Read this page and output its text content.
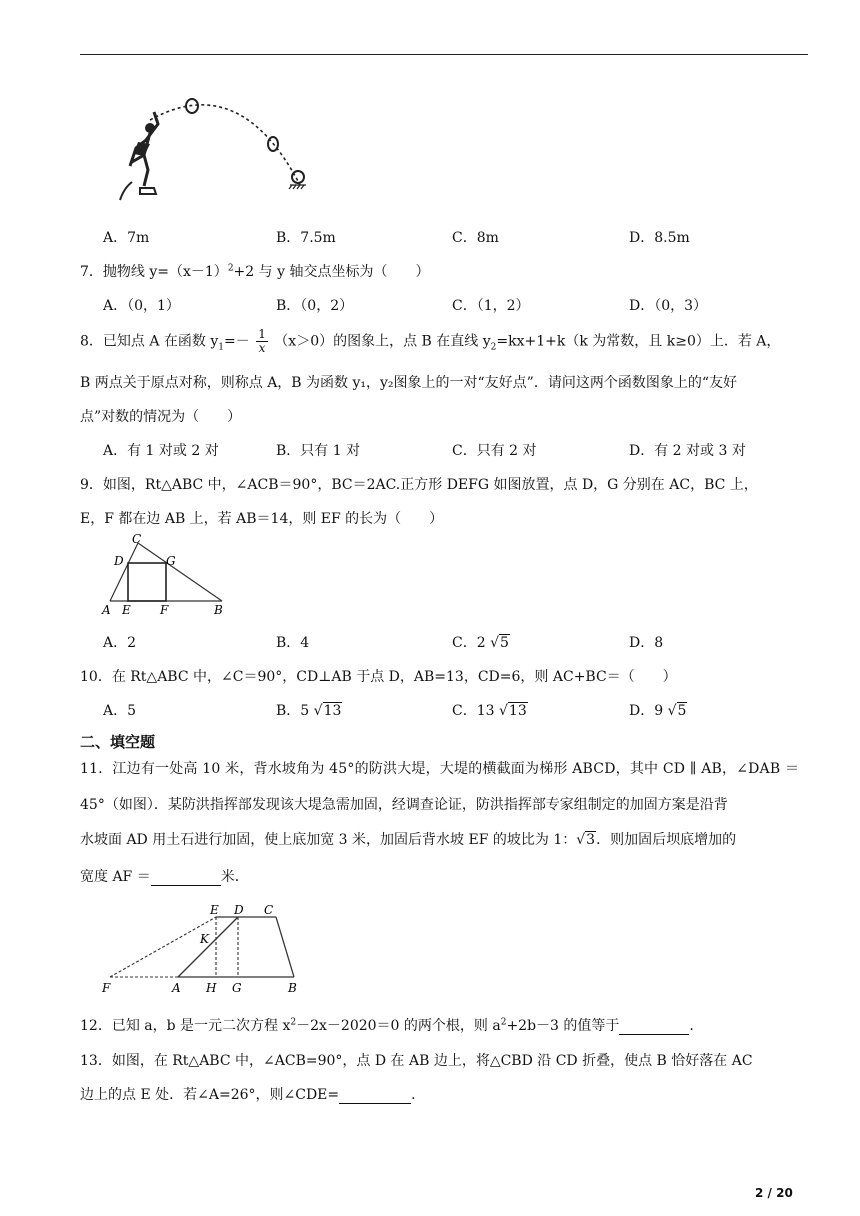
A．7m	B．7.5m	C．8m	D．8.5m
7．抛物线 $y=(x-1)^2+2$ 与 y 轴交点坐标为（　　）
A．（0，1）	B．（0，2）	C．（1，2）	D．（0，3）
8．已知点 A 在函数 $y_1=- \frac{1}{x} (x>0)$的图象上，点 B 在直线 $y_2=kx+1+k(k$ 为常数，且 k≥0）上．若 A，
B 两点关于原点对称，则称点 A，B 为函数 y₁，y₂图象上的一对“友好点”．请问这两个函数图象上的“友好
点”对数的情况为（　　）
A．有 1 对或 2 对	B．只有 1 对	C．只有 2 对	D．有 2 对或 3 对
9．如图，Rt△ABC 中，∠ACB＝90°，BC＝2AC.正方形 DEFG 如图放置，点 D，G 分别在 AC，BC 上，
E，F 都在边 AB 上，若 AB＝14，则 EF 的长为（　　）
C
D	G
A E F	B
A．2	B．4	C．2 √5	D．8
10．在 Rt△ABC 中，∠C＝90°，CD⊥AB 于点 D，AB=13，CD=6，则 AC+BC＝（　　）
A．5	B．5 √13	C．13 √13	D．9 √5
二、填空题
11．江边有一处高 10 米，背水坡角为 45°的防洪大堤，大堤的横截面为梯形 ABCD，其中 CD ∥ AB，∠DAB ＝
45°（如图）．某防洪指挥部发现该大堤急需加固，经调查论证，防洪指挥部专家组制定的加固方案是沿背
水坡面 AD 用土石进行加固，使上底加宽 3 米，加固后背水坡 EF 的坡比为 1：√3．则加固后坝底增加的
宽度 AF ＝	米．
E D C
K
F	A H G	B
12．已知 a，b 是一元二次方程 $x^2-2x-2020=0$ 的两个根，则 $a^2+2b-3$ 的值等于	.
13．如图，在 Rt△ABC 中，∠ACB=90°，点 D 在 AB 边上，将△CBD 沿 CD 折叠，使点 B 恰好落在 AC
边上的点 E 处．若∠A=26°，则∠CDE=	.
2 / 20
